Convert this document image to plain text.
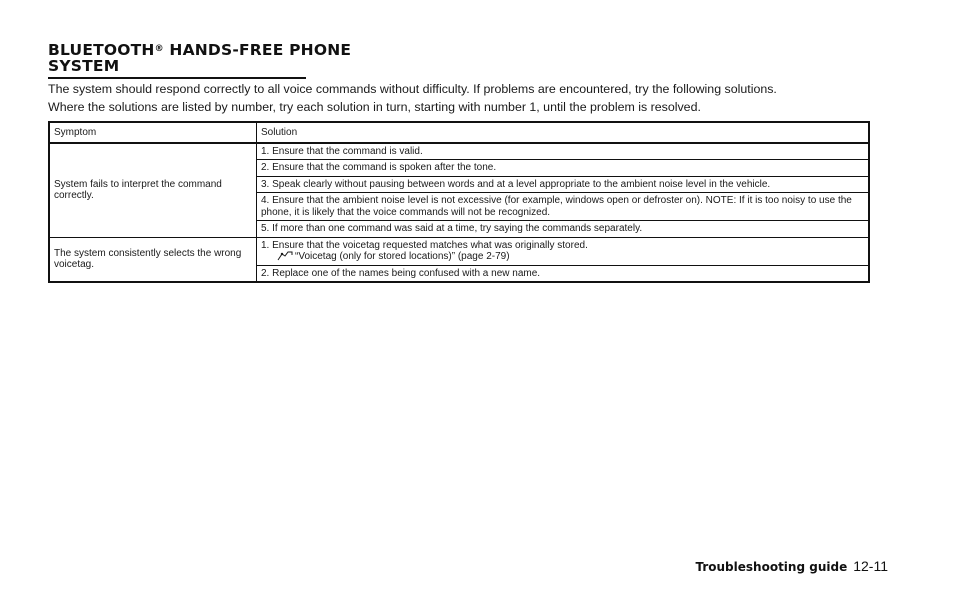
BLUETOOTH® HANDS-FREE PHONE
SYSTEM
The system should respond correctly to all voice commands without difficulty. If problems are encountered, try the following solutions.
Where the solutions are listed by number, try each solution in turn, starting with number 1, until the problem is resolved.
Symptom	Solution
System fails to interpret the command correctly.	1. Ensure that the command is valid.
	2. Ensure that the command is spoken after the tone.
	3. Speak clearly without pausing between words and at a level appropriate to the ambient noise level in the vehicle.
	4. Ensure that the ambient noise level is not excessive (for example, windows open or defroster on). NOTE: If it is too noisy to use the phone, it is likely that the voice commands will not be recognized.
	5. If more than one command was said at a time, try saying the commands separately.
The system consistently selects the wrong voicetag.	1. Ensure that the voicetag requested matches what was originally stored.
“Voicetag (only for stored locations)” (page 2-79)

	2. Replace one of the names being confused with a new name.
Troubleshooting guide 12-11
